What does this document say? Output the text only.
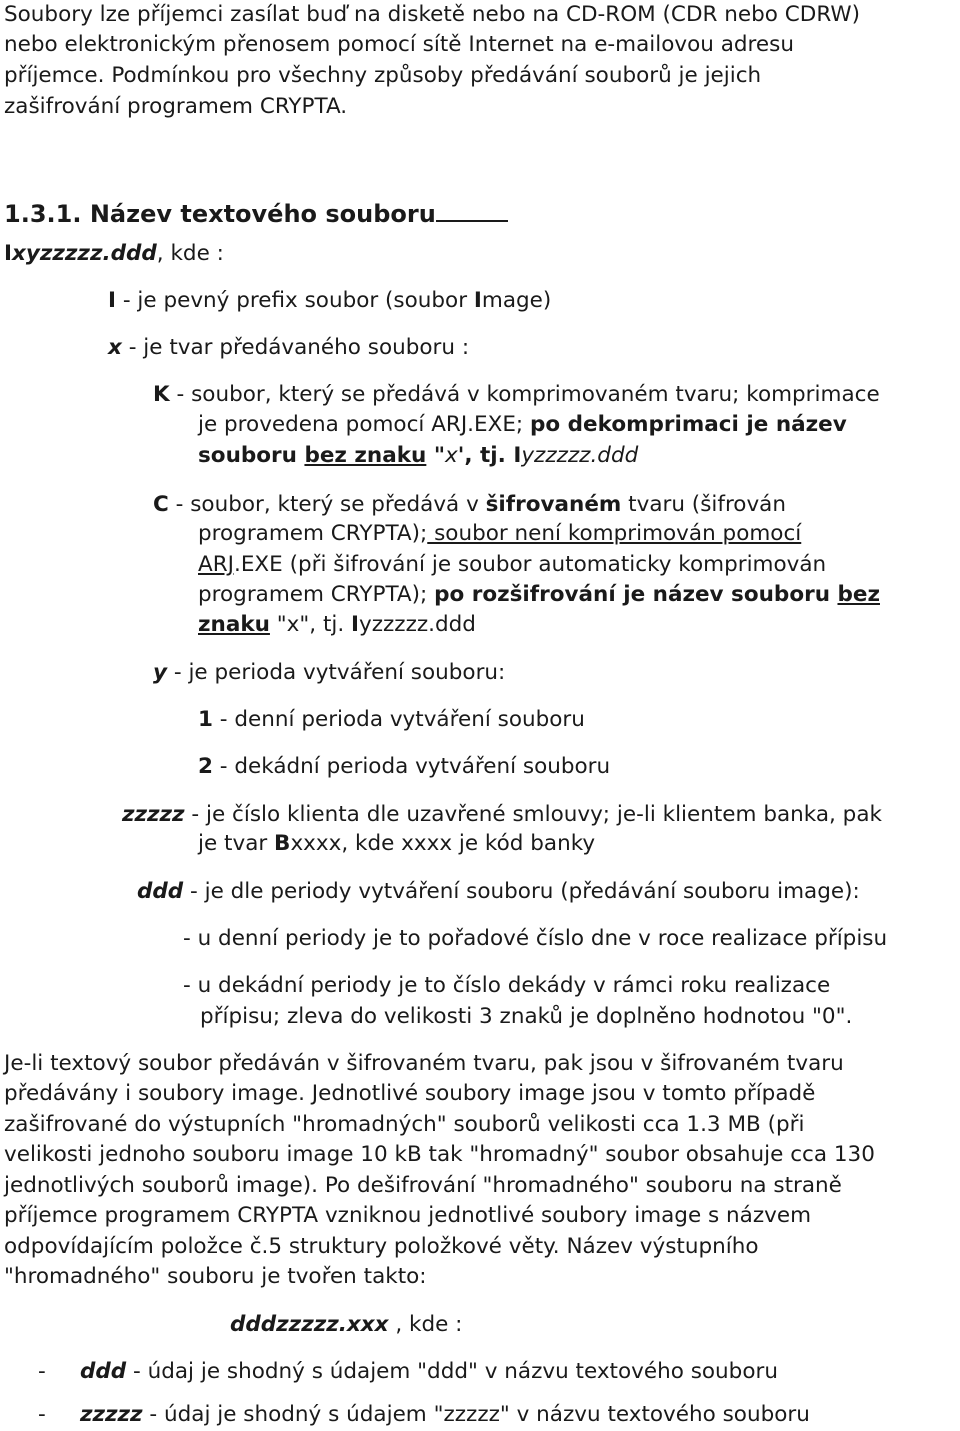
Soubory lze příjemci zasílat buď na disketě nebo na CD-ROM (CDR nebo CDRW)

nebo elektronickým přenosem pomocí sítě Internet na e-mailovou adresu

příjemce. Podmínkou pro všechny způsoby předávání souborů je jejich

zašifrování programem CRYPTA.

1.3.1. Název textového souboru

Ixyzzzzz.ddd, kde :

I - je pevný prefix soubor (soubor Image)

x - je tvar předávaného souboru :

K - soubor, který se předává v komprimovaném tvaru; komprimace

je provedena pomocí ARJ.EXE; po dekomprimaci je název

souboru bez znaku "x', tj. Iyzzzzz.ddd

C - soubor, který se předává v šifrovaném tvaru (šifrován

programem CRYPTA); soubor není komprimován pomocí

ARJ.EXE (při šifrování je soubor automaticky komprimován

programem CRYPTA); po rozšifrování je název souboru bez

znaku "x", tj. Iyzzzzz.ddd

y - je perioda vytváření souboru:

1 - denní perioda vytváření souboru

2 - dekádní perioda vytváření souboru

zzzzz - je číslo klienta dle uzavřené smlouvy; je-li klientem banka, pak

je tvar Bxxxx, kde xxxx je kód banky

ddd - je dle periody vytváření souboru (předávání souboru image):

- u denní periody je to pořadové číslo dne v roce realizace přípisu

- u dekádní periody je to číslo dekády v rámci roku realizace

přípisu; zleva do velikosti 3 znaků je doplněno hodnotou "0".

Je-li textový soubor předáván v šifrovaném tvaru, pak jsou v šifrovaném tvaru

předávány i soubory image. Jednotlivé soubory image jsou v tomto případě

zašifrované do výstupních "hromadných" souborů velikosti cca 1.3 MB (při

velikosti jednoho souboru image 10 kB tak "hromadný" soubor obsahuje cca 130

jednotlivých souborů image). Po dešifrování "hromadného" souboru na straně

příjemce programem CRYPTA vzniknou jednotlivé soubory image s názvem

odpovídajícím položce č.5 struktury položkové věty. Název výstupního

"hromadného" souboru je tvořen takto:

dddzzzzz.xxx , kde :

- ddd - údaj je shodný s údajem "ddd" v názvu textového souboru

- zzzzz - údaj je shodný s údajem "zzzzz" v názvu textového souboru
